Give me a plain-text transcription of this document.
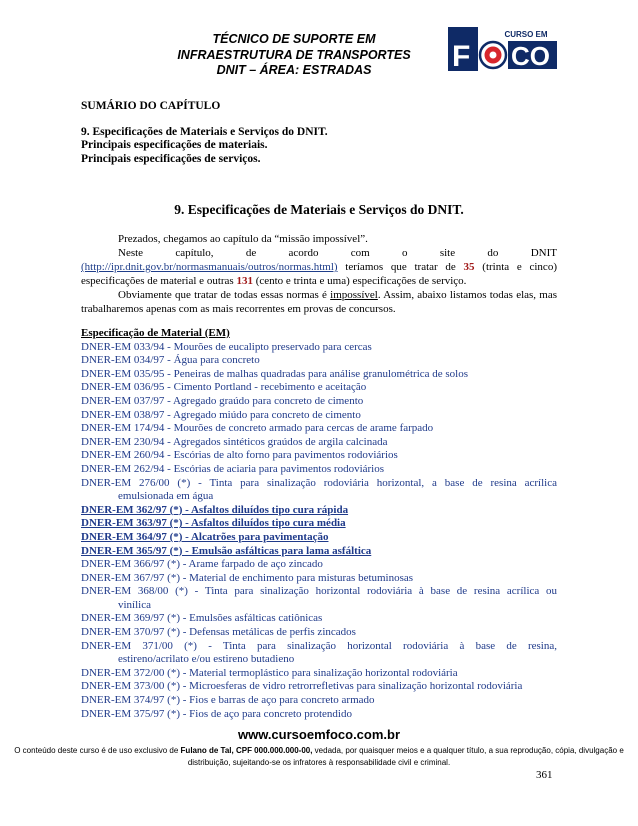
TÉCNICO DE SUPORTE EM
INFRAESTRUTURA DE TRANSPORTES
DNIT – ÁREA: ESTRADAS
CURSO EM
F CO
SUMÁRIO DO CAPÍTULO
9. Especificações de Materiais e Serviços do DNIT.
Principais especificações de materiais.
Principais especificações de serviços.
9. Especificações de Materiais e Serviços do DNIT.

Prezados, chegamos ao capítulo da “missão impossível”.

Neste capítulo, de acordo com o site do DNIT

(http://ipr.dnit.gov.br/normasmanuais/outros/normas.html) teríamos que tratar de 35 (trinta e cinco) especificações de material e outras 131 (cento e trinta e uma) especificações de serviço.

Obviamente que tratar de todas essas normas é impossível. Assim, abaixo listamos todas elas, mas trabalharemos apenas com as mais recorrentes em provas de concursos.

Especificação de Material (EM)
DNER-EM 033/94 - Mourões de eucalipto preservado para cercas
DNER-EM 034/97 - Água para concreto
DNER-EM 035/95 - Peneiras de malhas quadradas para análise granulométrica de solos
DNER-EM 036/95 - Cimento Portland - recebimento e aceitação
DNER-EM 037/97 - Agregado graúdo para concreto de cimento
DNER-EM 038/97 - Agregado miúdo para concreto de cimento
DNER-EM 174/94 - Mourões de concreto armado para cercas de arame farpado
DNER-EM 230/94 - Agregados sintéticos graúdos de argila calcinada
DNER-EM 260/94 - Escórias de alto forno para pavimentos rodoviários
DNER-EM 262/94 - Escórias de aciaria para pavimentos rodoviários
DNER-EM 276/00 (*) - Tinta para sinalização rodoviária horizontal, a base de resina acrílica
emulsionada em água
DNER-EM 362/97 (*) - Asfaltos diluídos tipo cura rápida
DNER-EM 363/97 (*) - Asfaltos diluídos tipo cura média
DNER-EM 364/97 (*) - Alcatrões para pavimentação
DNER-EM 365/97 (*) - Emulsão asfálticas para lama asfáltica
DNER-EM 366/97 (*) - Arame farpado de aço zincado
DNER-EM 367/97 (*) - Material de enchimento para misturas betuminosas
DNER-EM 368/00 (*) - Tinta para sinalização horizontal rodoviária à base de resina acrílica ou
vinílica
DNER-EM 369/97 (*) - Emulsões asfálticas catiônicas
DNER-EM 370/97 (*) - Defensas metálicas de perfis zincados
DNER-EM 371/00 (*) - Tinta para sinalização horizontal rodoviária à base de resina,
estireno/acrilato e/ou estireno butadieno
DNER-EM 372/00 (*) - Material termoplástico para sinalização horizontal rodoviária
DNER-EM 373/00 (*) - Microesferas de vidro retrorrefletivas para sinalização horizontal rodoviária
DNER-EM 374/97 (*) - Fios e barras de aço para concreto armado
DNER-EM 375/97 (*) - Fios de aço para concreto protendido
www.cursoemfoco.com.br
O conteúdo deste curso é de uso exclusivo de Fulano de Tal, CPF 000.000.000-00, vedada, por quaisquer meios e a qualquer título, a sua reprodução, cópia, divulgação e distribuição, sujeitando-se os infratores à responsabilidade civil e criminal.
361
